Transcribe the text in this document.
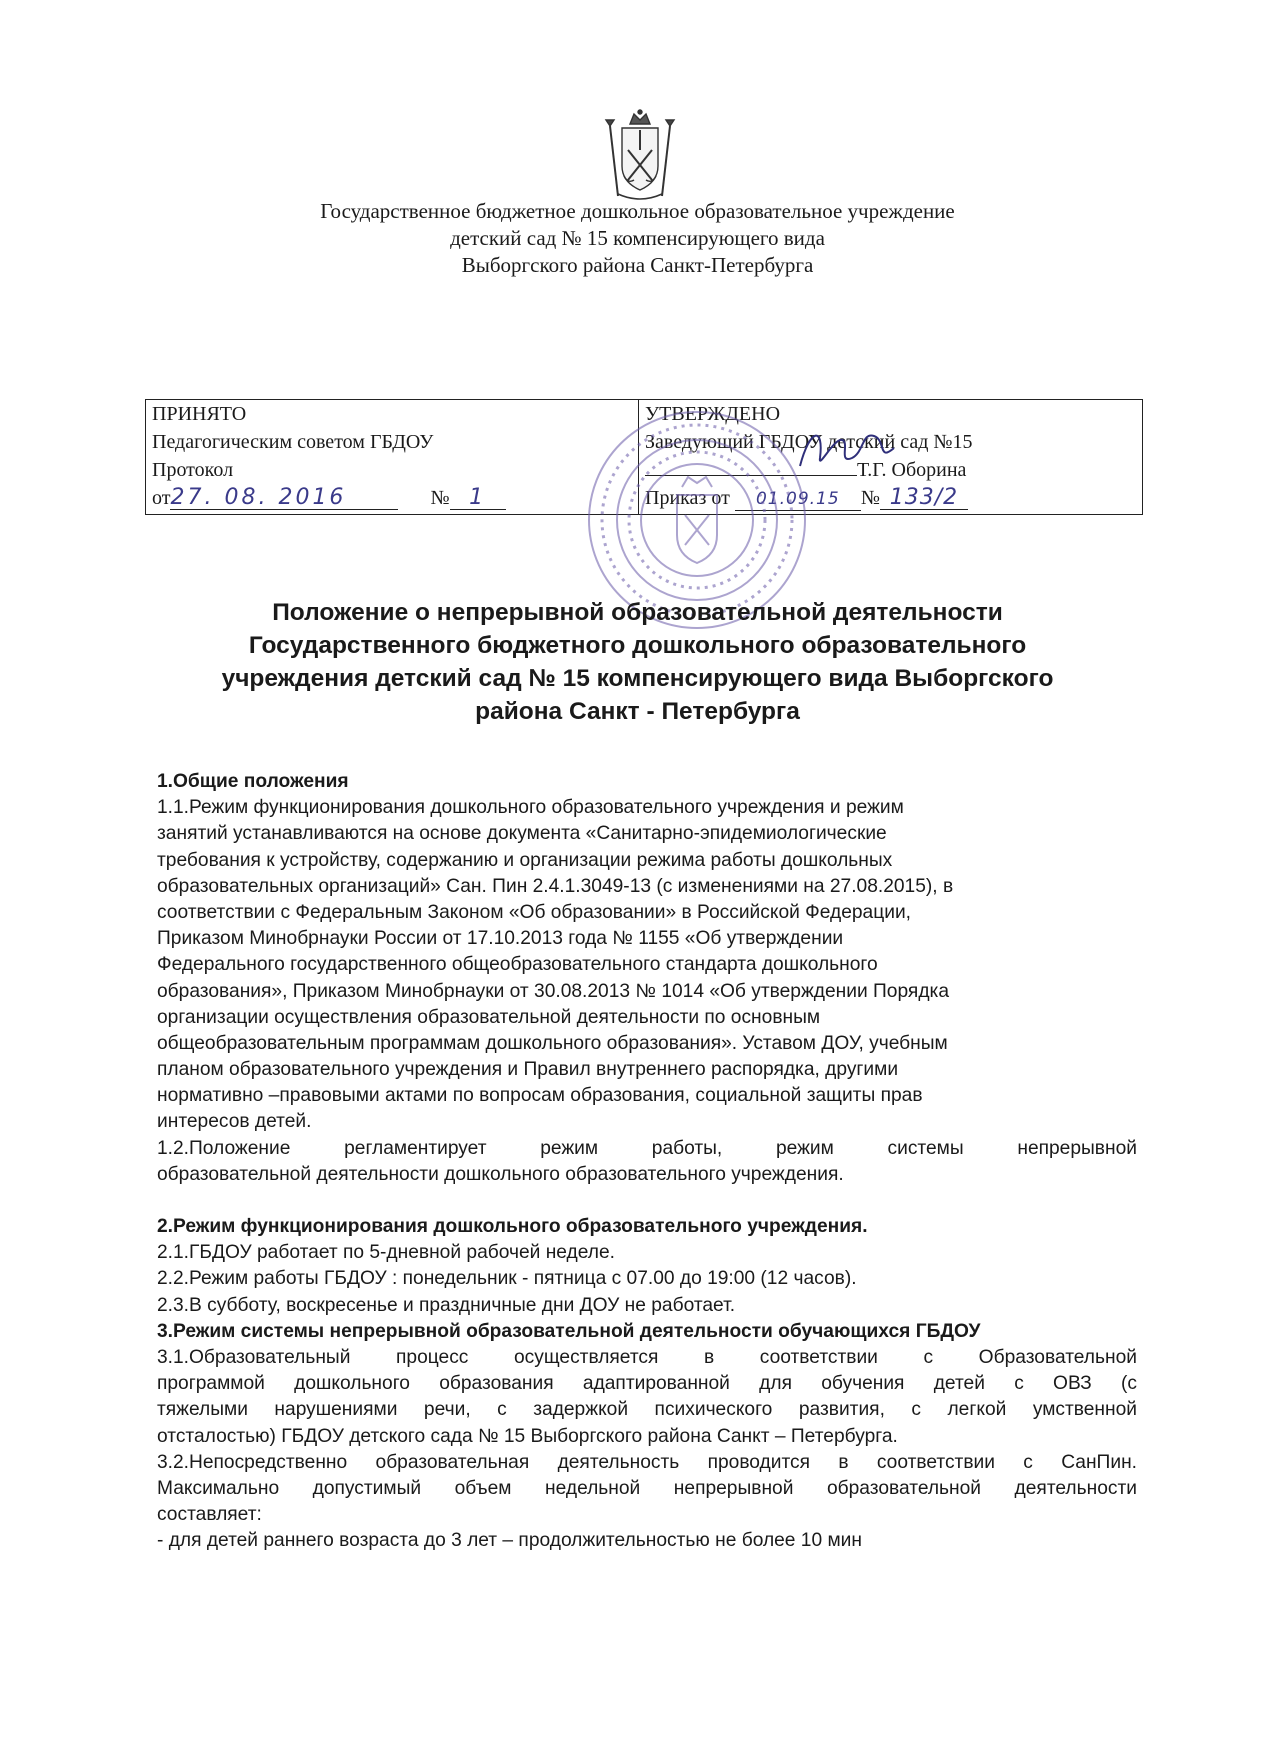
Государственное бюджетное дошкольное образовательное учреждение
детский сад № 15 компенсирующего вида
Выборгского района Санкт-Петербурга
ПРИНЯТО
Педагогическим советом ГБДОУ
Протокол
от27. 08. 2016	№ 1
УТВЕРЖДЕНО
Заведующий ГБДОУ детский сад №15
Т.Г. Оборина
Приказ от 01.09.15 № 133/2
Положение о непрерывной образовательной деятельности
Государственного бюджетного дошкольного образовательного
учреждения детский сад № 15 компенсирующего вида Выборгского
района Санкт - Петербурга
1.Общие положения
1.1.Режим функционирования дошкольного образовательного учреждения и режим
занятий устанавливаются на основе документа «Санитарно-эпидемиологические
требования к устройству, содержанию и организации режима работы дошкольных
образовательных организаций» Сан. Пин 2.4.1.3049-13 (с изменениями на 27.08.2015), в
соответствии с Федеральным Законом «Об образовании» в Российской Федерации,
Приказом Минобрнауки России от 17.10.2013 года № 1155 «Об утверждении
Федерального государственного общеобразовательного стандарта дошкольного
образования», Приказом Минобрнауки от 30.08.2013 № 1014 «Об утверждении Порядка
организации осуществления образовательной деятельности по основным
общеобразовательным программам дошкольного образования». Уставом ДОУ, учебным
планом образовательного учреждения и Правил внутреннего распорядка, другими
нормативно –правовыми актами по вопросам образования, социальной защиты прав
интересов детей.
1.2.Положение регламентирует режим работы, режим системы непрерывной
образовательной деятельности дошкольного образовательного учреждения.
2.Режим функционирования дошкольного образовательного учреждения.
2.1.ГБДОУ работает по 5-дневной рабочей неделе.
2.2.Режим работы ГБДОУ : понедельник - пятница с 07.00 до 19:00 (12 часов).
2.3.В субботу, воскресенье и праздничные дни ДОУ не работает.
3.Режим системы непрерывной образовательной деятельности обучающихся ГБДОУ
3.1.Образовательный процесс осуществляется в соответствии с Образовательной
программой дошкольного образования адаптированной для обучения детей с ОВЗ (с
тяжелыми нарушениями речи, с задержкой психического развития, с легкой умственной
отсталостью) ГБДОУ детского сада № 15 Выборгского района Санкт – Петербурга.
3.2.Непосредственно образовательная деятельность проводится в соответствии с СанПин.
Максимально допустимый объем недельной непрерывной образовательной деятельности
составляет:
- для детей раннего возраста до 3 лет – продолжительностью не более 10 мин
